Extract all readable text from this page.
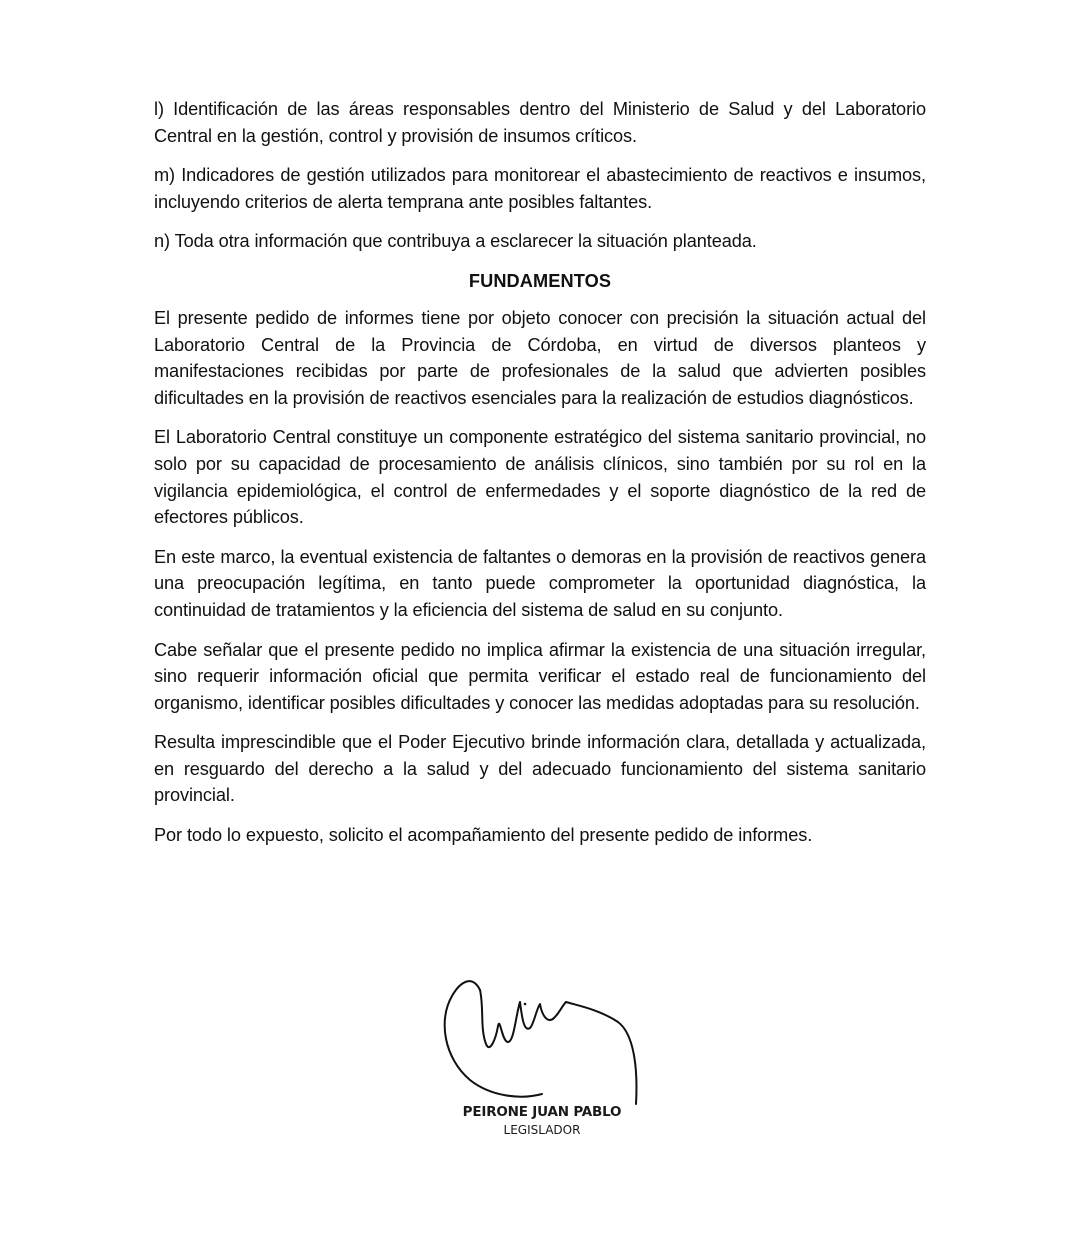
l) Identificación de las áreas responsables dentro del Ministerio de Salud y del Laboratorio Central en la gestión, control y provisión de insumos críticos.

m) Indicadores de gestión utilizados para monitorear el abastecimiento de reactivos e insumos, incluyendo criterios de alerta temprana ante posibles faltantes.

n) Toda otra información que contribuya a esclarecer la situación planteada.

FUNDAMENTOS

El presente pedido de informes tiene por objeto conocer con precisión la situación actual del Laboratorio Central de la Provincia de Córdoba, en virtud de diversos planteos y manifestaciones recibidas por parte de profesionales de la salud que advierten posibles dificultades en la provisión de reactivos esenciales para la realización de estudios diagnósticos.

El Laboratorio Central constituye un componente estratégico del sistema sanitario provincial, no solo por su capacidad de procesamiento de análisis clínicos, sino también por su rol en la vigilancia epidemiológica, el control de enfermedades y el soporte diagnóstico de la red de efectores públicos.

En este marco, la eventual existencia de faltantes o demoras en la provisión de reactivos genera una preocupación legítima, en tanto puede comprometer la oportunidad diagnóstica, la continuidad de tratamientos y la eficiencia del sistema de salud en su conjunto.

Cabe señalar que el presente pedido no implica afirmar la existencia de una situación irregular, sino requerir información oficial que permita verificar el estado real de funcionamiento del organismo, identificar posibles dificultades y conocer las medidas adoptadas para su resolución.

Resulta imprescindible que el Poder Ejecutivo brinde información clara, detallada y actualizada, en resguardo del derecho a la salud y del adecuado funcionamiento del sistema sanitario provincial.

Por todo lo expuesto, solicito el acompañamiento del presente pedido de informes.

PEIRONE JUAN PABLO
LEGISLADOR
